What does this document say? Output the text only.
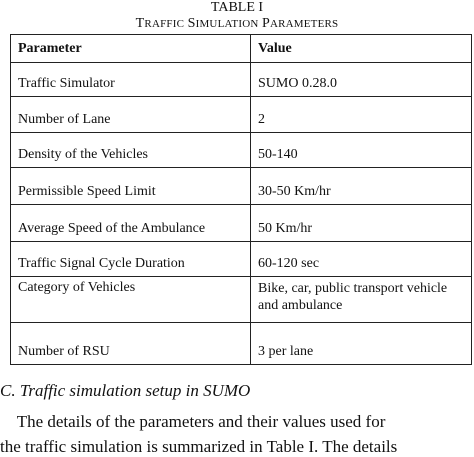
TABLE I
TRAFFIC SIMULATION PARAMETERS
Parameter	Value
Traffic Simulator	SUMO 0.28.0
Number of Lane	2
Density of the Vehicles	50-140
Permissible Speed Limit	30-50 Km/hr
Average Speed of the Ambulance	50 Km/hr
Traffic Signal Cycle Duration	60-120 sec
Category of Vehicles	Bike, car, public transport vehicle and ambulance
Number of RSU	3 per lane
C. Traffic simulation setup in SUMO
The details of the parameters and their values used for
the traffic simulation is summarized in Table I. The details
